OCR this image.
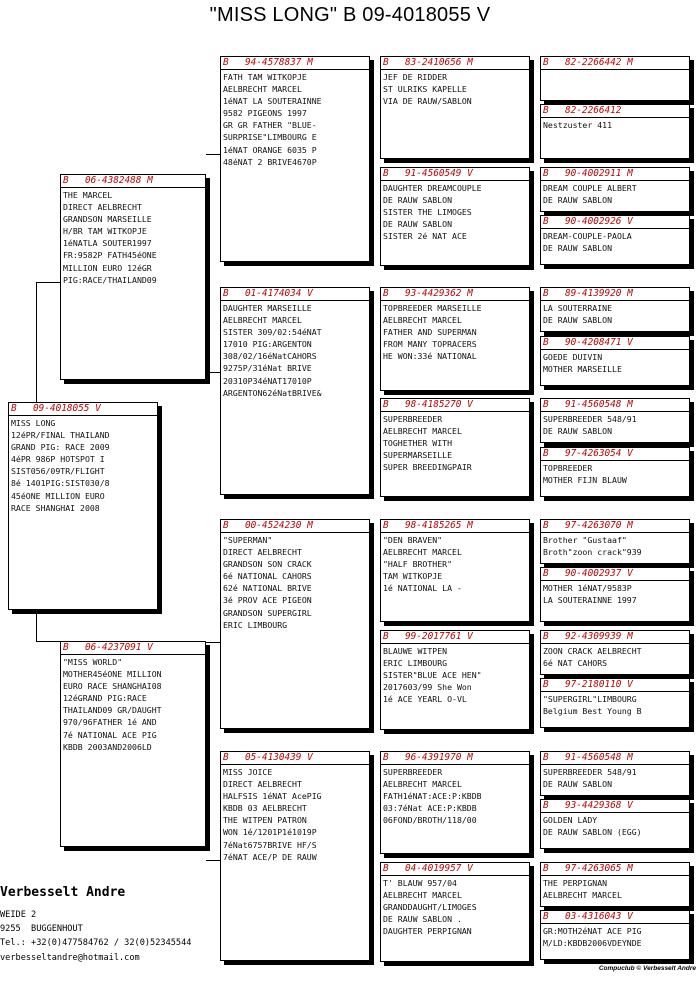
"MISS LONG" B 09-4018055 V
B	09-4018055 V
MISS LONG
12éPR/FINAL THAILAND
GRAND PIG: RACE 2009
4éPR 986P HOTSPOT I
SIST056/09TR/FLIGHT
8é 1401PIG:SIST030/8
45éONE MILLION EURO
RACE SHANGHAI 2008
B	06-4382488 M
THE MARCEL
DIRECT AELBRECHT
GRANDSON MARSEILLE
H/BR TAM WITKOPJE
1éNATLA SOUTER1997
FR:9582P FATH45éONE
MILLION EURO 12éGR
PIG:RACE/THAILAND09
B	06-4237091 V
"MISS WORLD"
MOTHER45éONE MILLION
EURO RACE SHANGHAI08
12éGRAND PIG:RACE
THAILAND09 GR/DAUGHT
970/96FATHER 1é AND
7é NATIONAL ACE PIG
KBDB 2003AND2006LD
B	94-4578837 M
FATH TAM WITKOPJE
AELBRECHT MARCEL
1éNAT LA SOUTERAINNE
9582 PIGEONS 1997
GR GR FATHER "BLUE-
SURPRISE"LIMBOURG E
1éNAT ORANGE 6035 P
48éNAT 2 BRIVE4670P
B	01-4174034 V
DAUGHTER MARSEILLE
AELBRECHT MARCEL
SISTER 309/02:54éNAT
17010 PIG:ARGENTON
308/02/16éNatCAHORS
9275P/31éNat BRIVE
20310P34éNAT17010P
ARGENTON62éNatBRIVE&
B	00-4524230 M
"SUPERMAN"
DIRECT AELBRECHT
GRANDSON SON CRACK
6é NATIONAL CAHORS
62é NATIONAL BRIVE
3é PROV ACE PIGEON
GRANDSON SUPERGIRL
ERIC LIMBOURG
B	05-4130439 V
MISS JOICE
DIRECT AELBRECHT
HALFSIS 1éNAT AcePIG
KBDB 03 AELBRECHT
THE WITPEN PATRON
WON 1é/1201P1é1019P
7éNat6757BRIVE HF/S
7éNAT ACE/P DE RAUW
B	83-2410656 M
JEF DE RIDDER
ST ULRIKS KAPELLE
VIA DE RAUW/SABLON
B	91-4560549 V
DAUGHTER DREAMCOUPLE
DE RAUW SABLON
SISTER THE LIMOGES
DE RAUW SABLON
SISTER 2é NAT ACE
B	93-4429362 M
TOPBREEDER MARSEILLE
AELBRECHT MARCEL
FATHER AND SUPERMAN
FROM MANY TOPRACERS
HE WON:33é NATIONAL
B	98-4185270 V
SUPERBREEDER
AELBRECHT MARCEL
TOGHETHER WITH
SUPERMARSEILLE
SUPER BREEDINGPAIR
B	98-4185265 M
"DEN BRAVEN"
AELBRECHT MARCEL
"HALF BROTHER"
TAM WITKOPJE
1é NATIONAL LA -
B	99-2017761 V
BLAUWE WITPEN
ERIC LIMBOURG
SISTER"BLUE ACE HEN"
2017603/99 She Won
1é ACE YEARL O-VL
B	96-4391970 M
SUPERBREEDER
AELBRECHT MARCEL
FATH1éNAT:ACE:P:KBDB
03:7éNat ACE:P:KBDB
06FOND/BROTH/118/00
B	04-4019957 V
T' BLAUW 957/04
AELBRECHT MARCEL
GRANDDAUGHT/LIMOGES
DE RAUW SABLON .
DAUGHTER PERPIGNAN
B	82-2266442 M
B	82-2266412
Nestzuster 411
B	90-4002911 M
DREAM COUPLE ALBERT
DE RAUW SABLON
B	90-4002926 V
DREAM-COUPLE-PAOLA
DE RAUW SABLON
B	89-4139920 M
LA SOUTERRAINE
DE RAUW SABLON
B	90-4208471 V
GOEDE DUIVIN
MOTHER MARSEILLE
B	91-4560548 M
SUPERBREEDER 548/91
DE RAUW SABLON
B	97-4263054 V
TOPBREEDER
MOTHER FIJN BLAUW
B	97-4263070 M
Brother "Gustaaf"
Broth"zoon crack"939
B	90-4002937 V
MOTHER 1éNAT/9583P
LA SOUTERAINNE 1997
B	92-4309939 M
ZOON CRACK AELBRECHT
6é NAT CAHORS
B	97-2180110 V
"SUPERGIRL"LIMBOURG
Belgium Best Young B
B	91-4560548 M
SUPERBREEDER 548/91
DE RAUW SABLON
B	93-4429368 V
GOLDEN LADY
DE RAUW SABLON (EGG)
B	97-4263065 M
THE PERPIGNAN
AELBRECHT MARCEL
B	03-4316043 V
GR:MOTH2éNAT ACE PIG
M/LD:KBDB2006VDEYNDE
Verbesselt Andre
WEIDE 2
9255  BUGGENHOUT
Tel.: +32(0)477584762 / 32(0)52345544
verbesseltandre@hotmail.com
Compuclub © Verbesselt Andre
